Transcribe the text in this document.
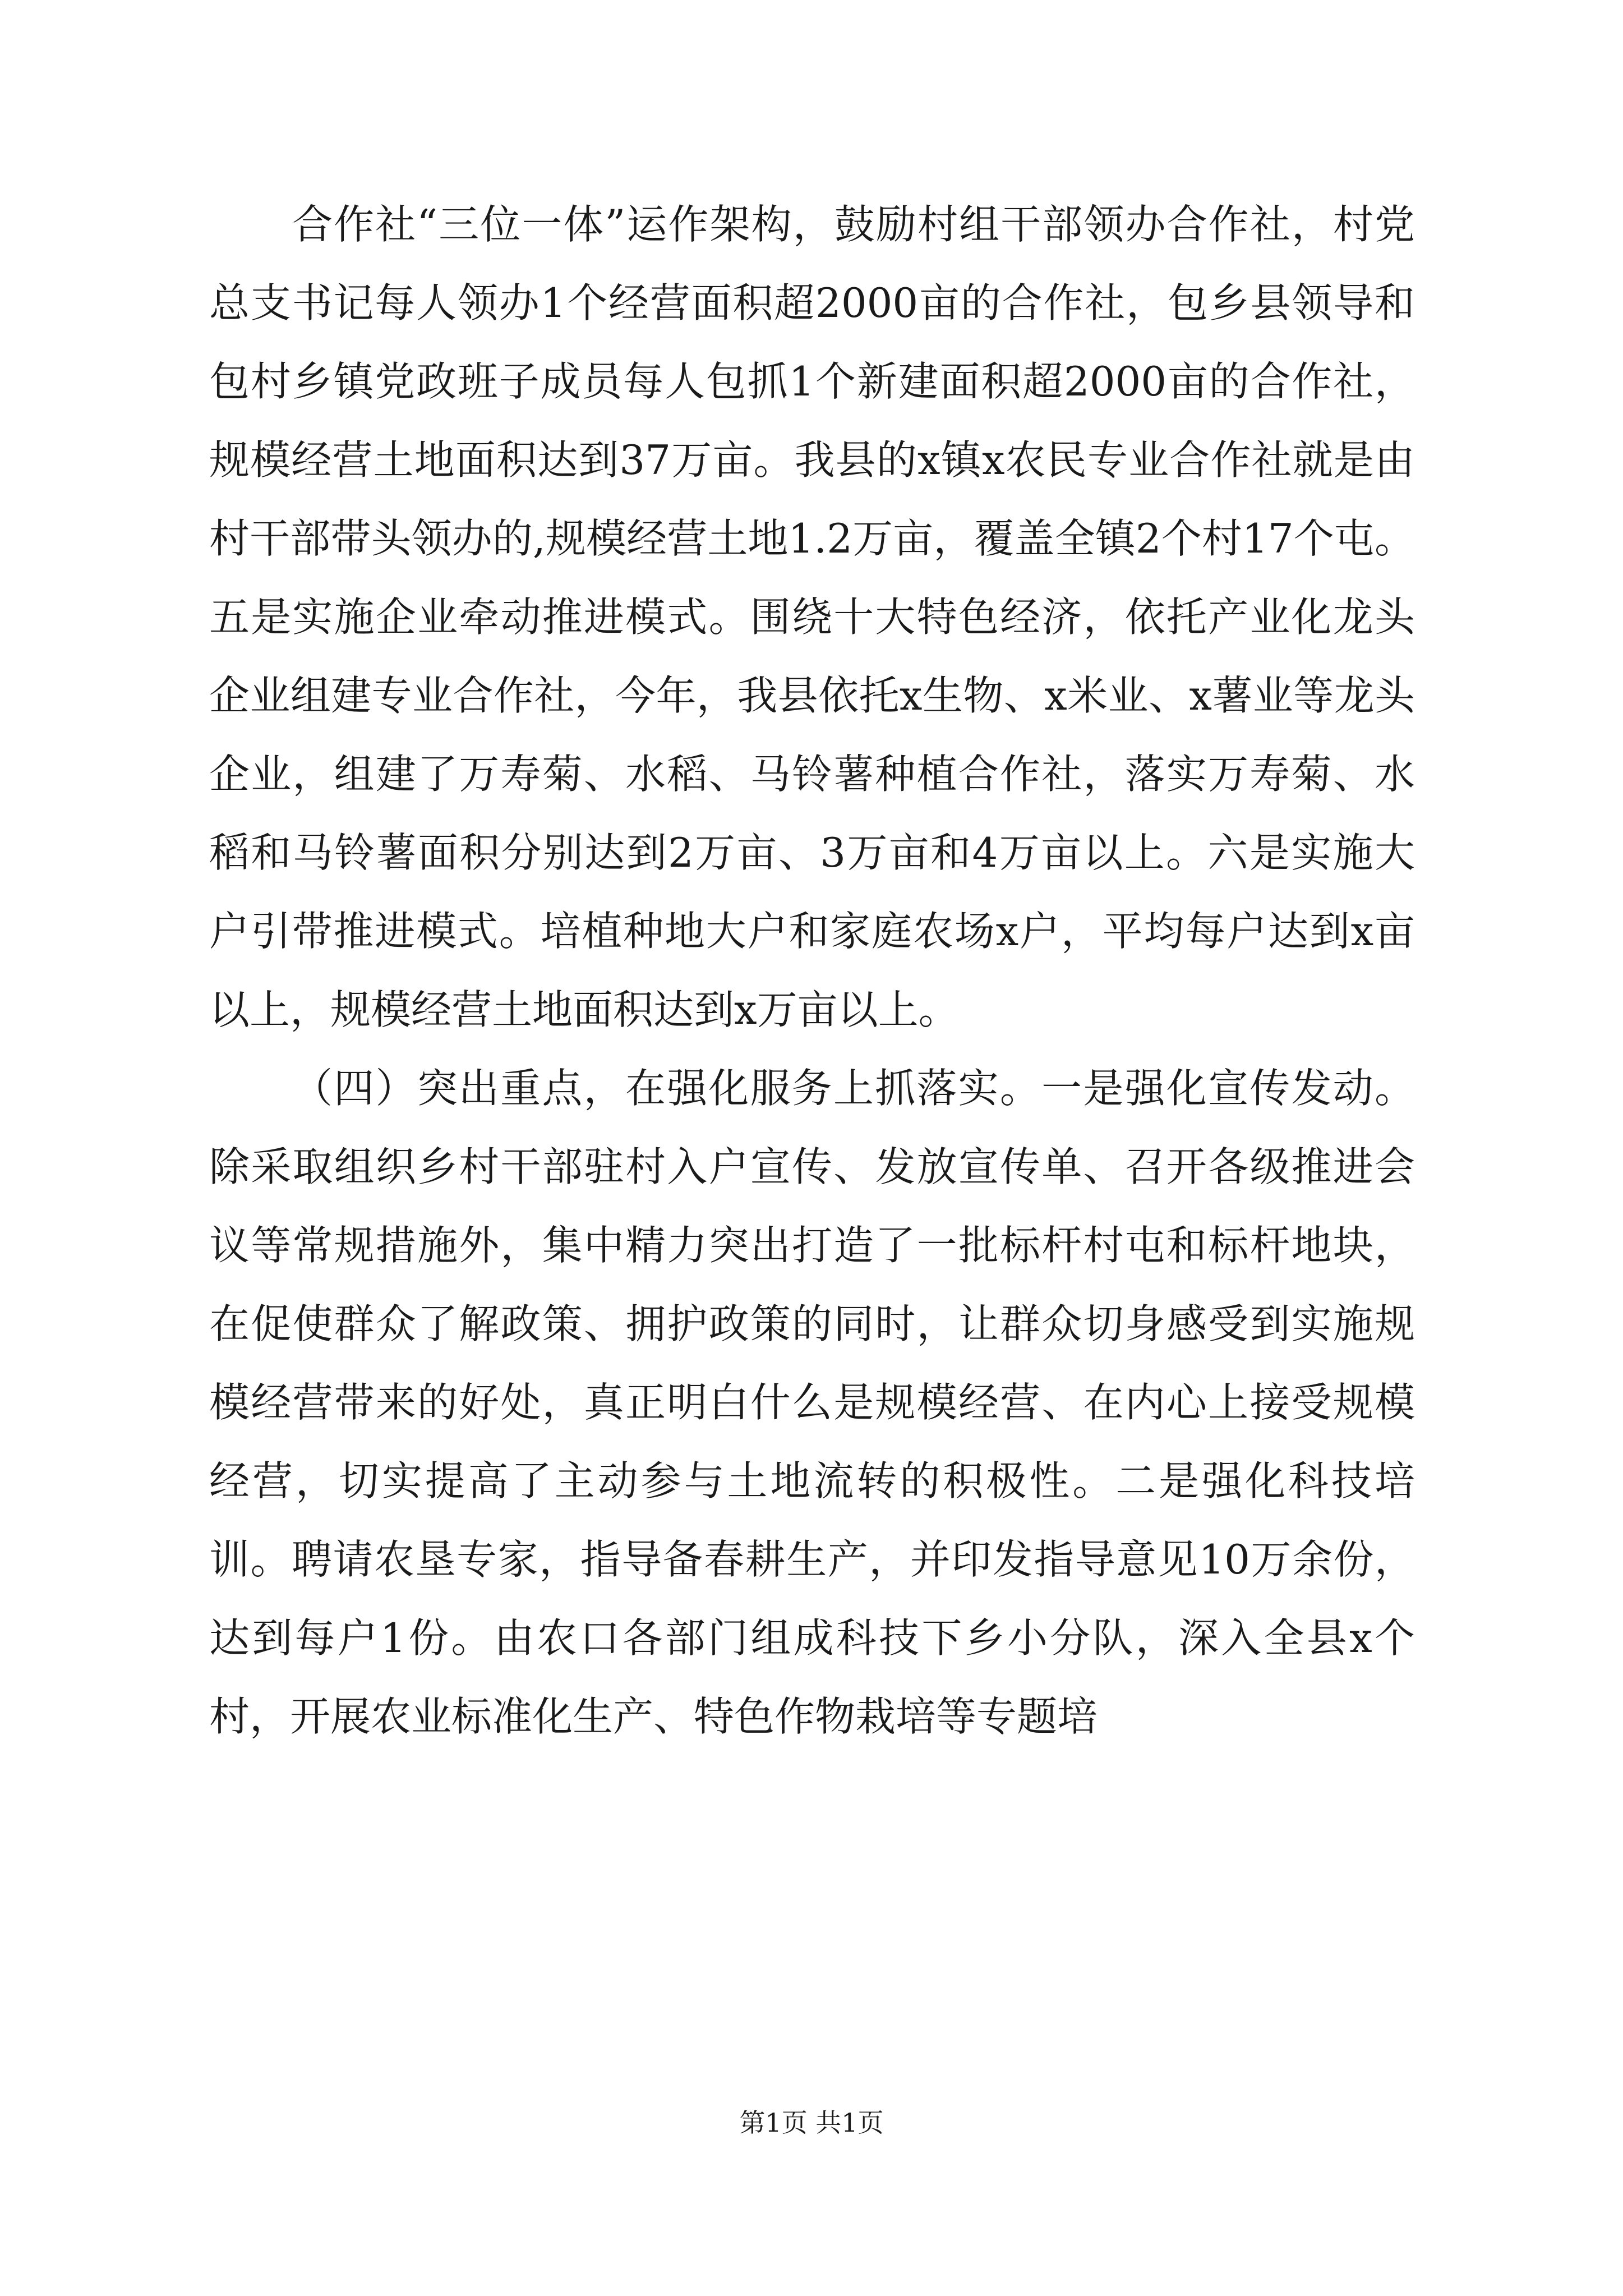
合作社“三位一体”运作架构，鼓励村组干部领办合作社，村党总支书记每人领办1个经营面积超2000亩的合作社，包乡县领导和包村乡镇党政班子成员每人包抓1个新建面积超2000亩的合作社，规模经营土地面积达到37万亩。我县的x镇x农民专业合作社就是由村干部带头领办的,规模经营土地1.2万亩，覆盖全镇2个村17个屯。五是实施企业牵动推进模式。围绕十大特色经济，依托产业化龙头企业组建专业合作社，今年，我县依托x生物、x米业、x薯业等龙头企业，组建了万寿菊、水稻、马铃薯种植合作社，落实万寿菊、水稻和马铃薯面积分别达到2万亩、3万亩和4万亩以上。六是实施大户引带推进模式。培植种地大户和家庭农场x户，平均每户达到x亩以上，规模经营土地面积达到x万亩以上。

（四）突出重点，在强化服务上抓落实。一是强化宣传发动。除采取组织乡村干部驻村入户宣传、发放宣传单、召开各级推进会议等常规措施外，集中精力突出打造了一批标杆村屯和标杆地块，在促使群众了解政策、拥护政策的同时，让群众切身感受到实施规模经营带来的好处，真正明白什么是规模经营、在内心上接受规模经营，切实提高了主动参与土地流转的积极性。二是强化科技培训。聘请农垦专家，指导备春耕生产，并印发指导意见10万余份，达到每户1份。由农口各部门组成科技下乡小分队，深入全县x个村，开展农业标准化生产、特色作物栽培等专题培

第1页 共1页
